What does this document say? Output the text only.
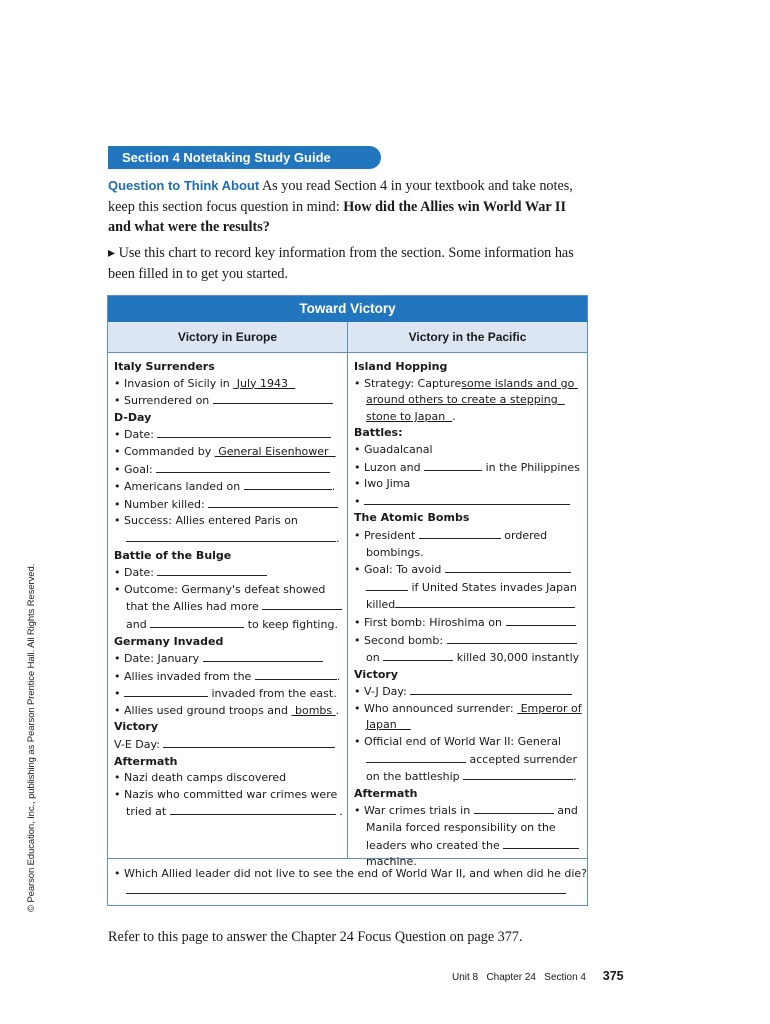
© Pearson Education, Inc., publishing as Pearson Prentice Hall. All Rights Reserved.
Section 4 Notetaking Study Guide
Question to Think About As you read Section 4 in your textbook and take notes, keep this section focus question in mind: How did the Allies win World War II and what were the results?
▸ Use this chart to record key information from the section. Some information has been filled in to get you started.
Toward Victory
Victory in Europe	Victory in the Pacific
Italy Surrenders
• Invasion of Sicily in July 1943
• Surrendered on
D-Day
• Date:
• Commanded by General Eisenhower
• Goal:
• Americans landed on	.
• Number killed:
• Success: Allies entered Paris on
.
Battle of the Bulge
• Date:
• Outcome: Germany's defeat showed
that the Allies had more
and	to keep fighting.
Germany Invaded
• Date: January
• Allies invaded from the	.
•	invaded from the east.
• Allies used ground troops and bombs .
Victory
V-E Day:
Aftermath
• Nazi death camps discovered
• Nazis who committed war crimes were
tried at	.
Island Hopping
• Strategy: Capturesome islands and go
around others to create a stepping
stone to Japan .
Battles:
• Guadalcanal
• Luzon and	in the Philippines
• Iwo Jima
•
The Atomic Bombs
• President	ordered
bombings.
• Goal: To avoid
if United States invades Japan
killed
• First bomb: Hiroshima on
• Second bomb:
on	killed 30,000 instantly
Victory
• V-J Day:
• Who announced surrender: Emperor of
Japan
• Official end of World War II: General
accepted surrender
on the battleship	.
Aftermath
• War crimes trials in	and
Manila forced responsibility on the
leaders who created the
machine.
• Which Allied leader did not live to see the end of World War II, and when did he die?
Refer to this page to answer the Chapter 24 Focus Question on page 377.
Unit 8   Chapter 24   Section 4 375
